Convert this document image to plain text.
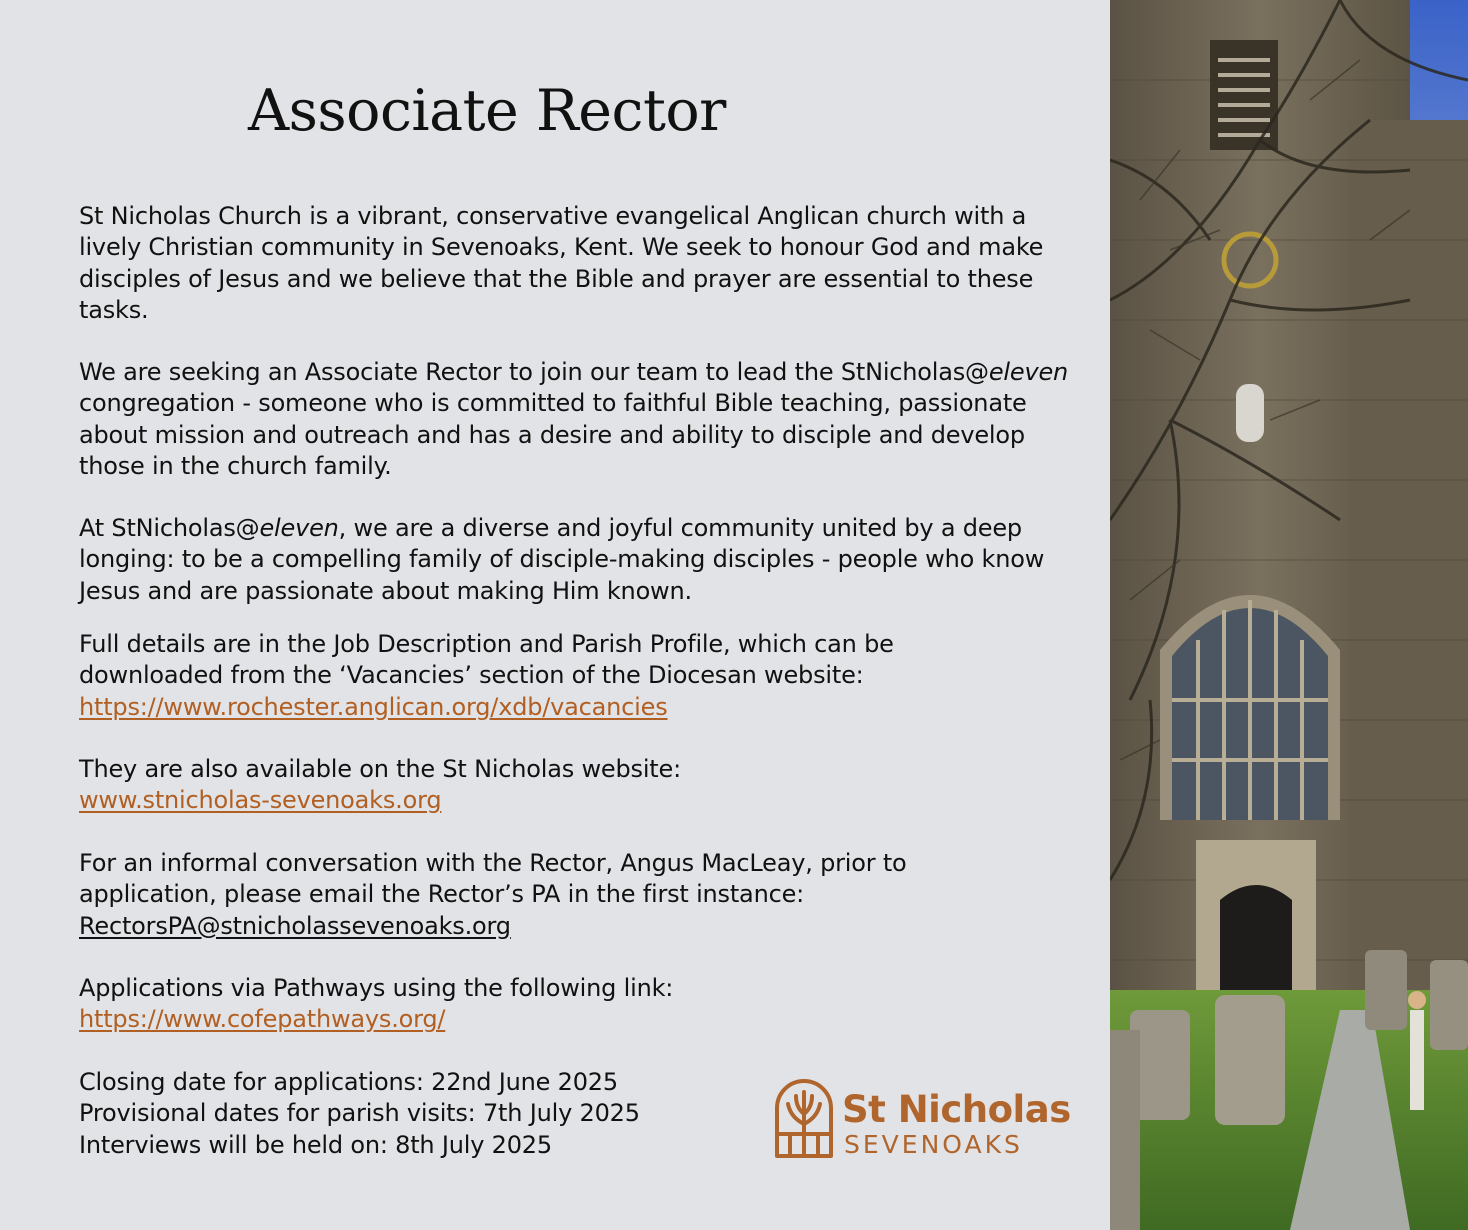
Associate Rector

St Nicholas Church is a vibrant, conservative evangelical Anglican church with a lively Christian community in Sevenoaks, Kent. We seek to honour God and make disciples of Jesus and we believe that the Bible and prayer are essential to these tasks.

We are seeking an Associate Rector to join our team to lead the StNicholas@eleven congregation - someone who is committed to faithful Bible teaching, passionate about mission and outreach and has a desire and ability to disciple and develop those in the church family.

At StNicholas@eleven, we are a diverse and joyful community united by a deep longing: to be a compelling family of disciple-making disciples - people who know Jesus and are passionate about making Him known.

Full details are in the Job Description and Parish Profile, which can be downloaded from the ‘Vacancies’ section of the Diocesan website:
https://www.rochester.anglican.org/xdb/vacancies

They are also available on the St Nicholas website:
www.stnicholas-sevenoaks.org

For an informal conversation with the Rector, Angus MacLeay, prior to application, please email the Rector’s PA in the first instance:
RectorsPA@stnicholassevenoaks.org

Applications via Pathways using the following link:
https://www.cofepathways.org/

Closing date for applications: 22nd June 2025
Provisional dates for parish visits: 7th July 2025
Interviews will be held on: 8th July 2025

St Nicholas
SEVENOAKS
